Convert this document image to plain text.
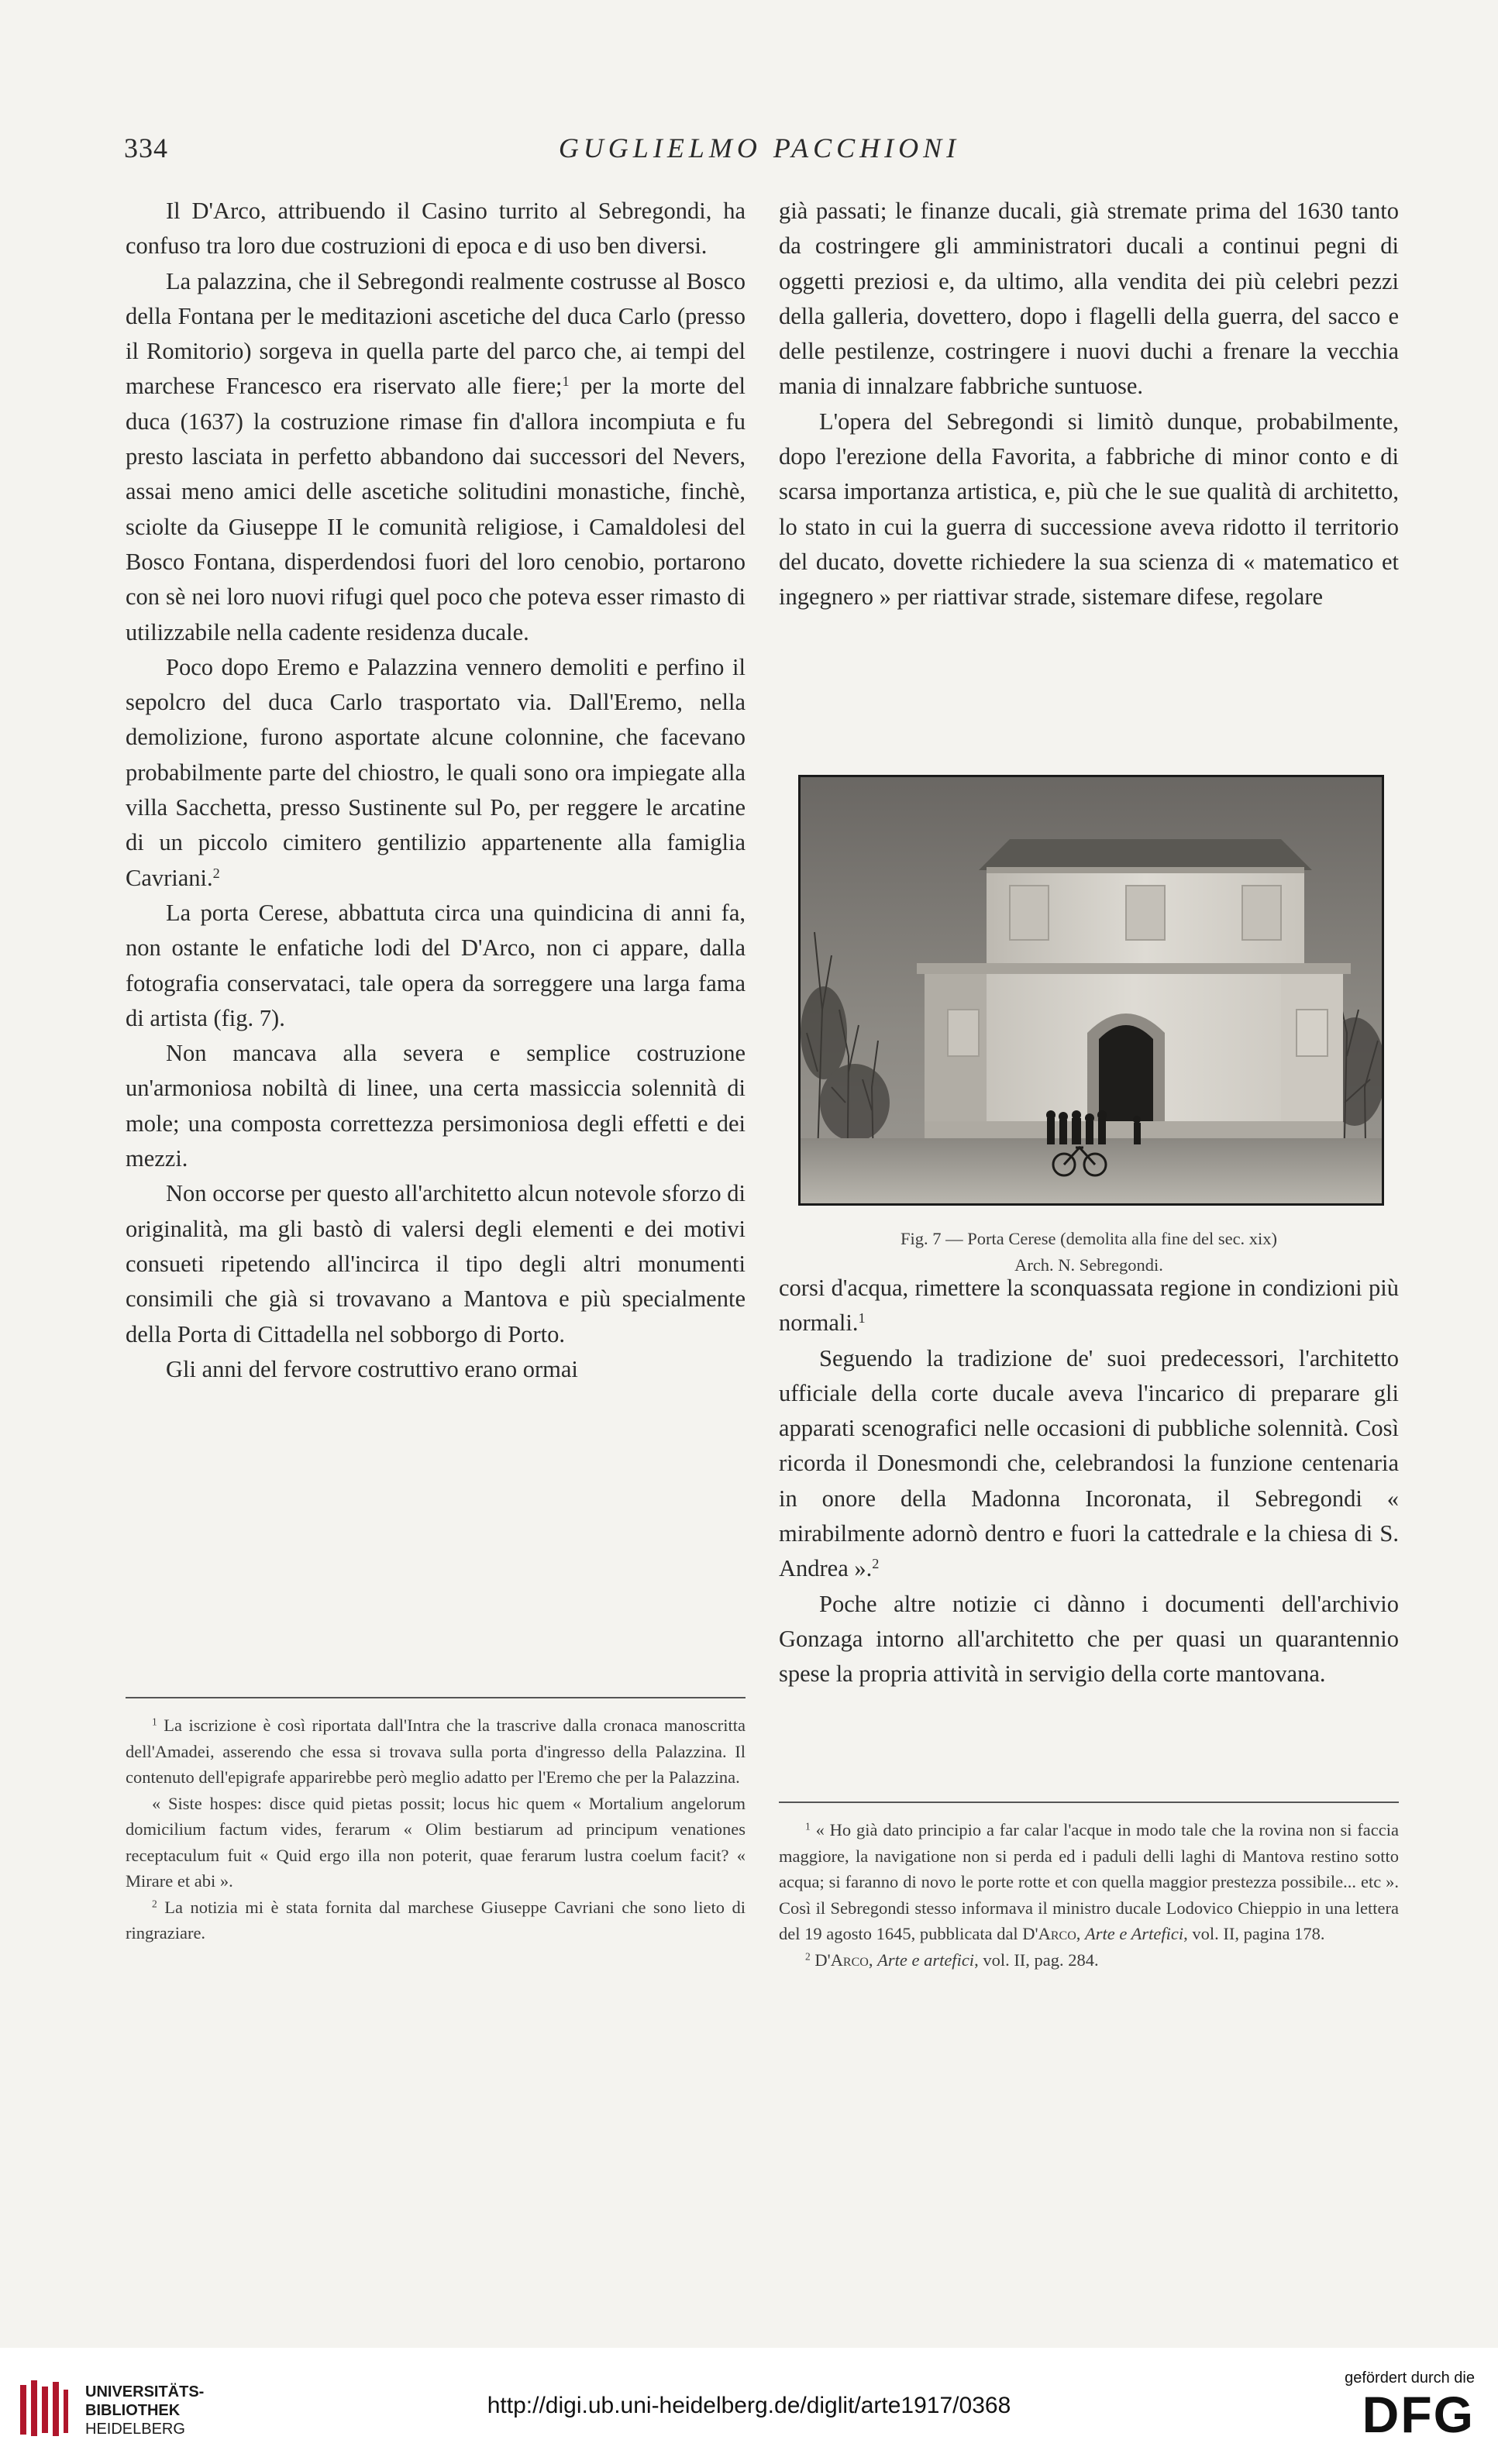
334	GUGLIELMO PACCHIONI

Il D'Arco, attribuendo il Casino turrito al Sebregondi, ha confuso tra loro due costruzioni di epoca e di uso ben diversi.

La palazzina, che il Sebregondi realmente costrusse al Bosco della Fontana per le meditazioni ascetiche del duca Carlo (presso il Romitorio) sorgeva in quella parte del parco che, ai tempi del marchese Francesco era riservato alle fiere;$^1$ per la morte del duca (1637) la costruzione rimase fin d'allora incompiuta e fu presto lasciata in perfetto abbandono dai successori del Nevers, assai meno amici delle ascetiche solitudini monastiche, finchè, sciolte da Giuseppe II le comunità religiose, i Camaldolesi del Bosco Fontana, disperdendosi fuori del loro cenobio, portarono con sè nei loro nuovi rifugi quel poco che poteva esser rimasto di utilizzabile nella cadente residenza ducale.

Poco dopo Eremo e Palazzina vennero demoliti e perfino il sepolcro del duca Carlo trasportato via. Dall'Eremo, nella demolizione, furono asportate alcune colonnine, che facevano probabilmente parte del chiostro, le quali sono ora impiegate alla villa Sacchetta, presso Sustinente sul Po, per reggere le arcatine di un piccolo cimitero gentilizio appartenente alla famiglia Cavriani.$^2$

La porta Cerese, abbattuta circa una quindicina di anni fa, non ostante le enfatiche lodi del D'Arco, non ci appare, dalla fotografia conservataci, tale opera da sorreggere una larga fama di artista (fig. 7).

Non mancava alla severa e semplice costruzione un'armoniosa nobiltà di linee, una certa massiccia solennità di mole; una composta correttezza persimoniosa degli effetti e dei mezzi.

Non occorse per questo all'architetto alcun notevole sforzo di originalità, ma gli bastò di valersi degli elementi e dei motivi consueti ripetendo all'incirca il tipo degli altri monumenti consimili che già si trovavano a Mantova e più specialmente della Porta di Cittadella nel sobborgo di Porto.

Gli anni del fervore costruttivo erano ormai

già passati; le finanze ducali, già stremate prima del 1630 tanto da costringere gli amministratori ducali a continui pegni di oggetti preziosi e, da ultimo, alla vendita dei più celebri pezzi della galleria, dovettero, dopo i flagelli della guerra, del sacco e delle pestilenze, costringere i nuovi duchi a frenare la vecchia mania di innalzare fabbriche suntuose.

L'opera del Sebregondi si limitò dunque, probabilmente, dopo l'erezione della Favorita, a fabbriche di minor conto e di scarsa importanza artistica, e, più che le sue qualità di architetto, lo stato in cui la guerra di successione aveva ridotto il territorio del ducato, dovette richiedere la sua scienza di « matematico et ingegnero » per riattivar strade, sistemare difese, regolare

Fig. 7 — Porta Cerese (demolita alla fine del sec. xix)
Arch. N. Sebregondi.

corsi d'acqua, rimettere la sconquassata regione in condizioni più normali.$^1$

Seguendo la tradizione de' suoi predecessori, l'architetto ufficiale della corte ducale aveva l'incarico di preparare gli apparati scenografici nelle occasioni di pubbliche solennità. Così ricorda il Donesmondi che, celebrandosi la funzione centenaria in onore della Madonna Incoronata, il Sebregondi « mirabilmente adornò dentro e fuori la cattedrale e la chiesa di S. Andrea ».$^2$

Poche altre notizie ci dànno i documenti dell'archivio Gonzaga intorno all'architetto che per quasi un quarantennio spese la propria attività in servigio della corte mantovana.

$^1$ La iscrizione è così riportata dall'Intra che la trascrive dalla cronaca manoscritta dell'Amadei, asserendo che essa si trovava sulla porta d'ingresso della Palazzina. Il contenuto dell'epigrafe apparirebbe però meglio adatto per l'Eremo che per la Palazzina.

« Siste hospes: disce quid pietas possit; locus hic quem « Mortalium angelorum domicilium factum vides, ferarum « Olim bestiarum ad principum venationes receptaculum fuit « Quid ergo illa non poterit, quae ferarum lustra coelum facit? « Mirare et abi ».

$^2$ La notizia mi è stata fornita dal marchese Giuseppe Cavriani che sono lieto di ringraziare.

$^1$ « Ho già dato principio a far calar l'acque in modo tale che la rovina non si faccia maggiore, la navigatione non si perda ed i paduli delli laghi di Mantova restino sotto acqua; si faranno di novo le porte rotte et con quella maggior prestezza possibile... etc ». Così il Sebregondi stesso informava il ministro ducale Lodovico Chieppio in una lettera del 19 agosto 1645, pubblicata dal D'Arco, Arte e Artefici, vol. II, pagina 178.

$^2$ D'Arco, Arte e artefici, vol. II, pag. 284.

UNIVERSITÄTS-
BIBLIOTHEK
HEIDELBERG
http://digi.ub.uni-heidelberg.de/diglit/arte1917/0368
gefördert durch die
DFG
